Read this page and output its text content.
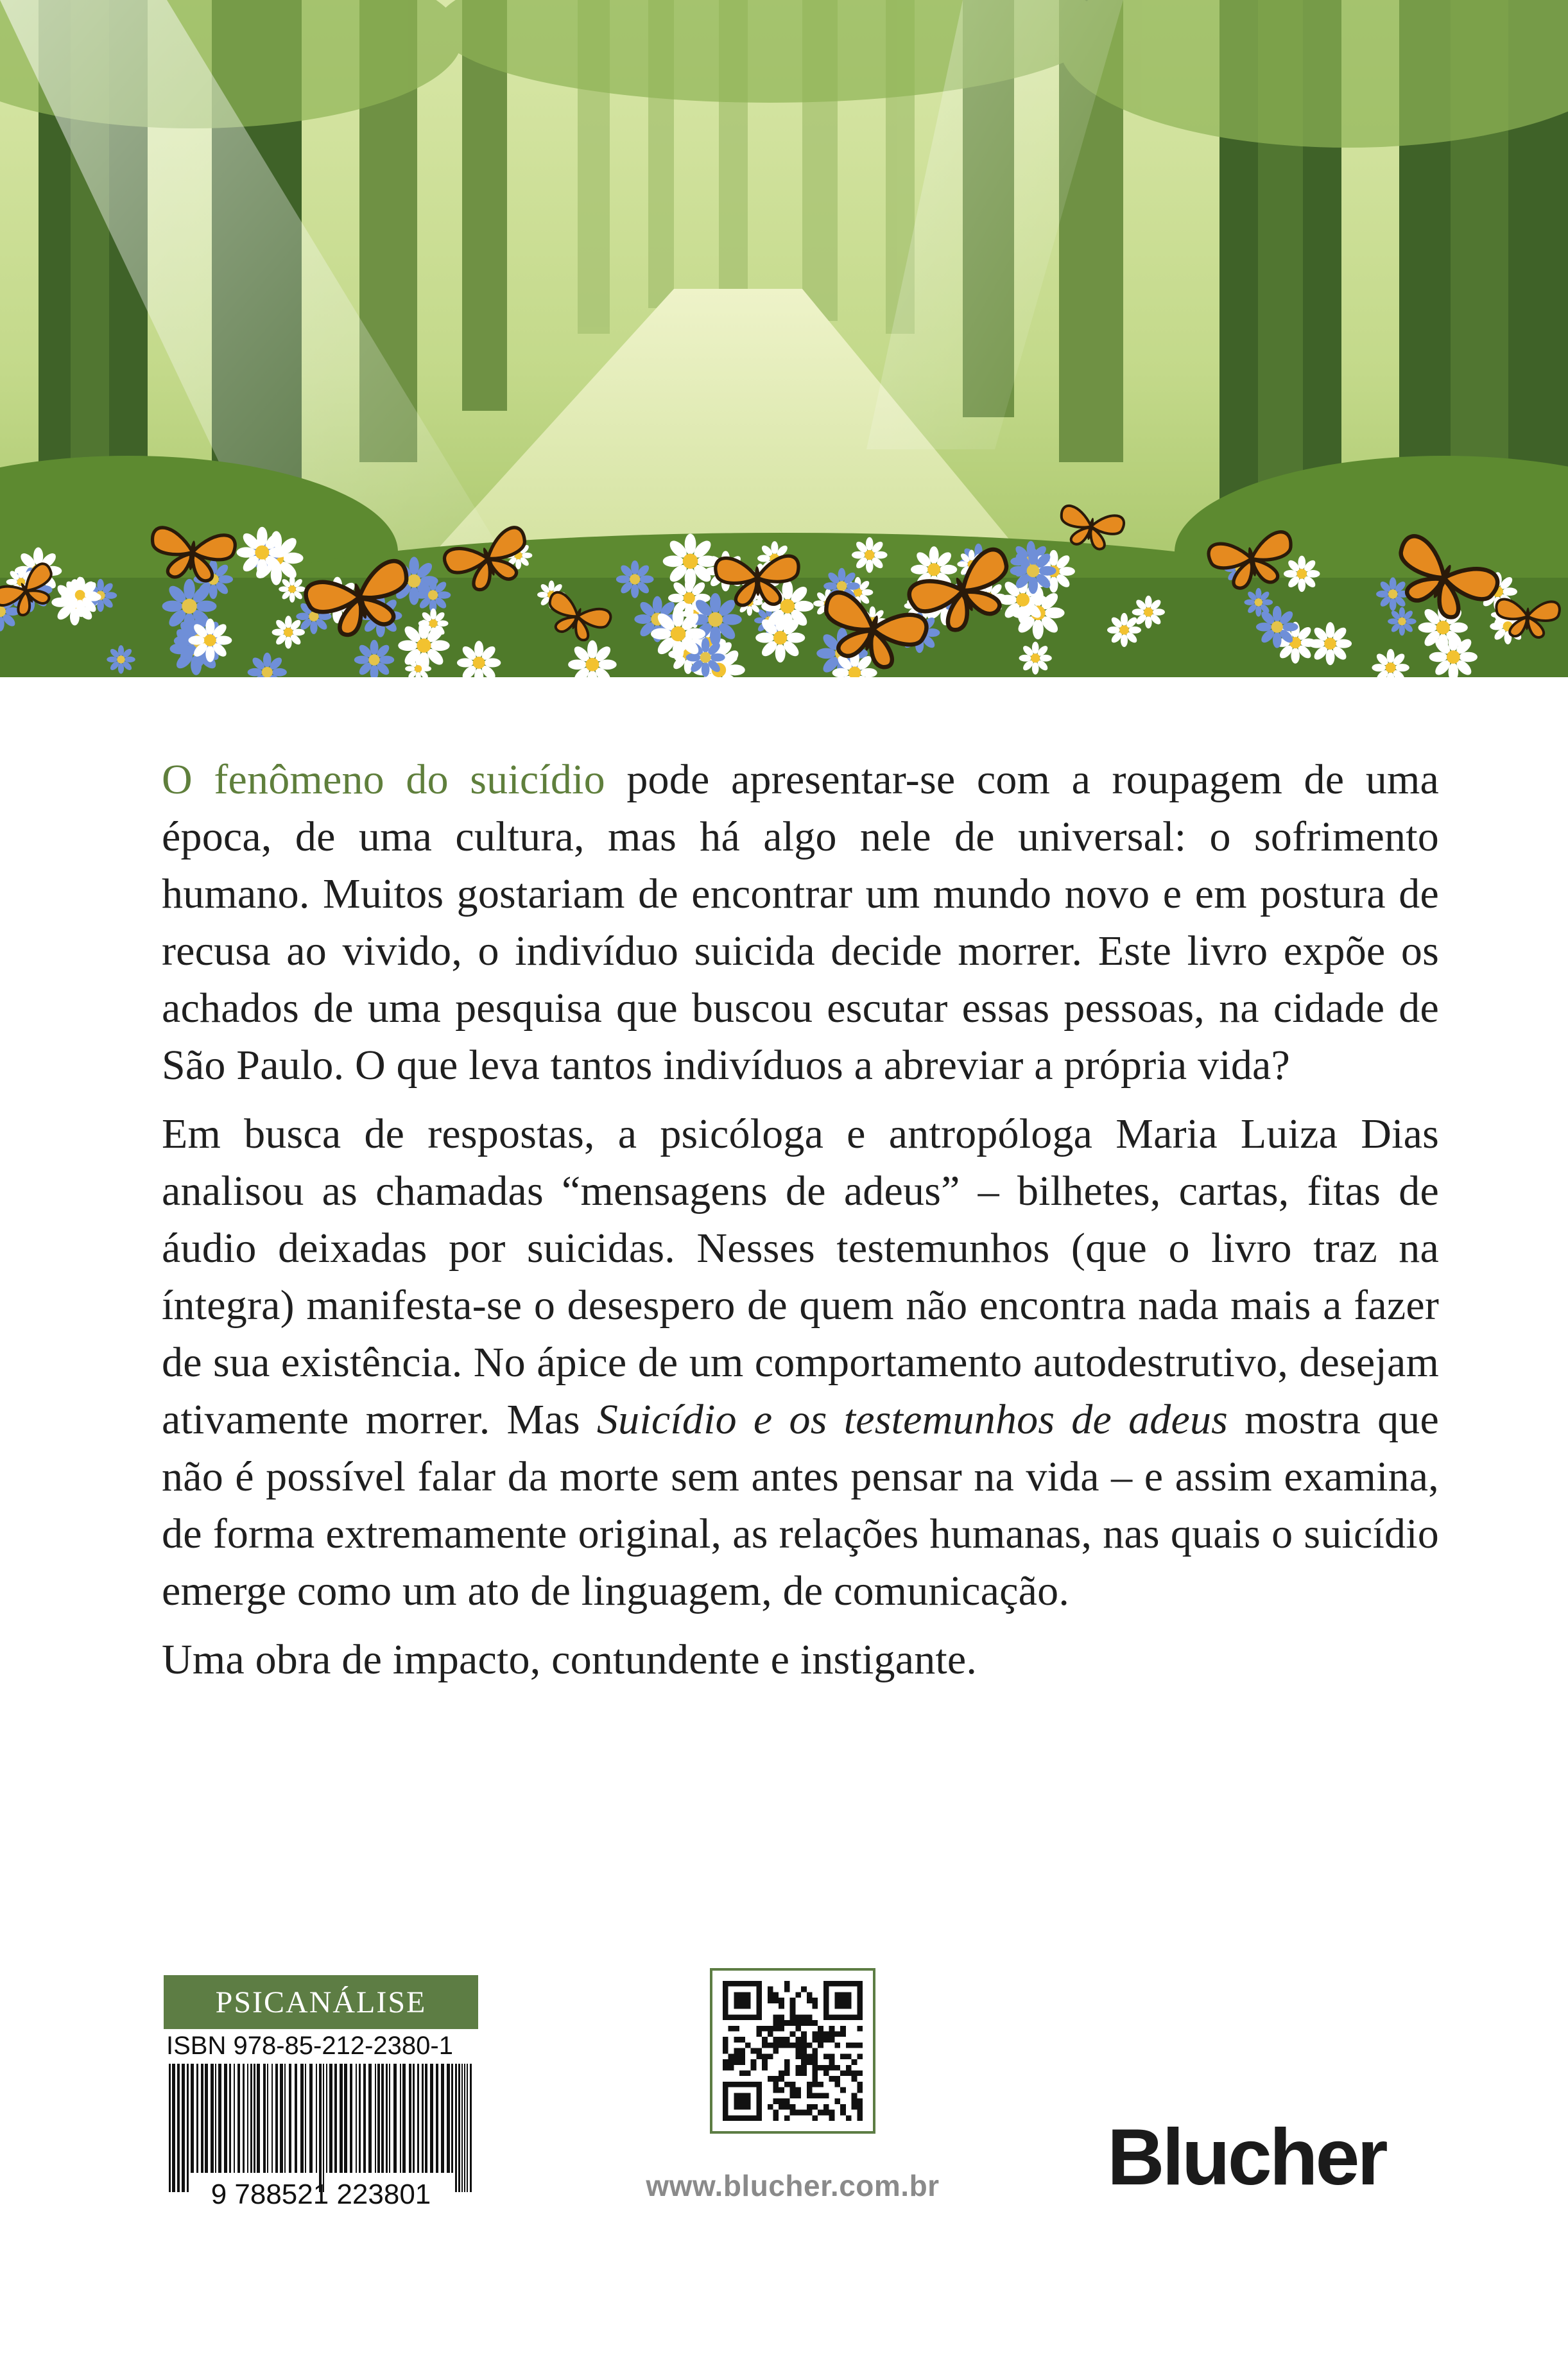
O fenômeno do suicídio pode apresentar-se com a roupagem de uma época, de uma cultura, mas há algo nele de universal: o sofrimento humano. Muitos gostariam de encontrar um mundo novo e em postura de recusa ao vivido, o indivíduo suicida decide morrer. Este livro expõe os achados de uma pesquisa que buscou escutar essas pessoas, na cidade de São Paulo. O que leva tantos indivíduos a abreviar a própria vida?

Em busca de respostas, a psicóloga e antropóloga Maria Luiza Dias analisou as chamadas “mensagens de adeus” – bilhetes, cartas, fitas de áudio deixadas por suicidas. Nesses testemunhos (que o livro traz na íntegra) manifesta-se o desespero de quem não encontra nada mais a fazer de sua existência. No ápice de um comportamento autodestrutivo, desejam ativamente morrer. Mas Suicídio e os testemunhos de adeus mostra que não é possível falar da morte sem antes pensar na vida – e assim examina, de forma extremamente original, as relações humanas, nas quais o suicídio emerge como um ato de linguagem, de comunicação.

Uma obra de impacto, contundente e instigante.

PSICANÁLISE
ISBN 978-85-212-2380-1
9 788521 223801	www.blucher.com.br Blucher
